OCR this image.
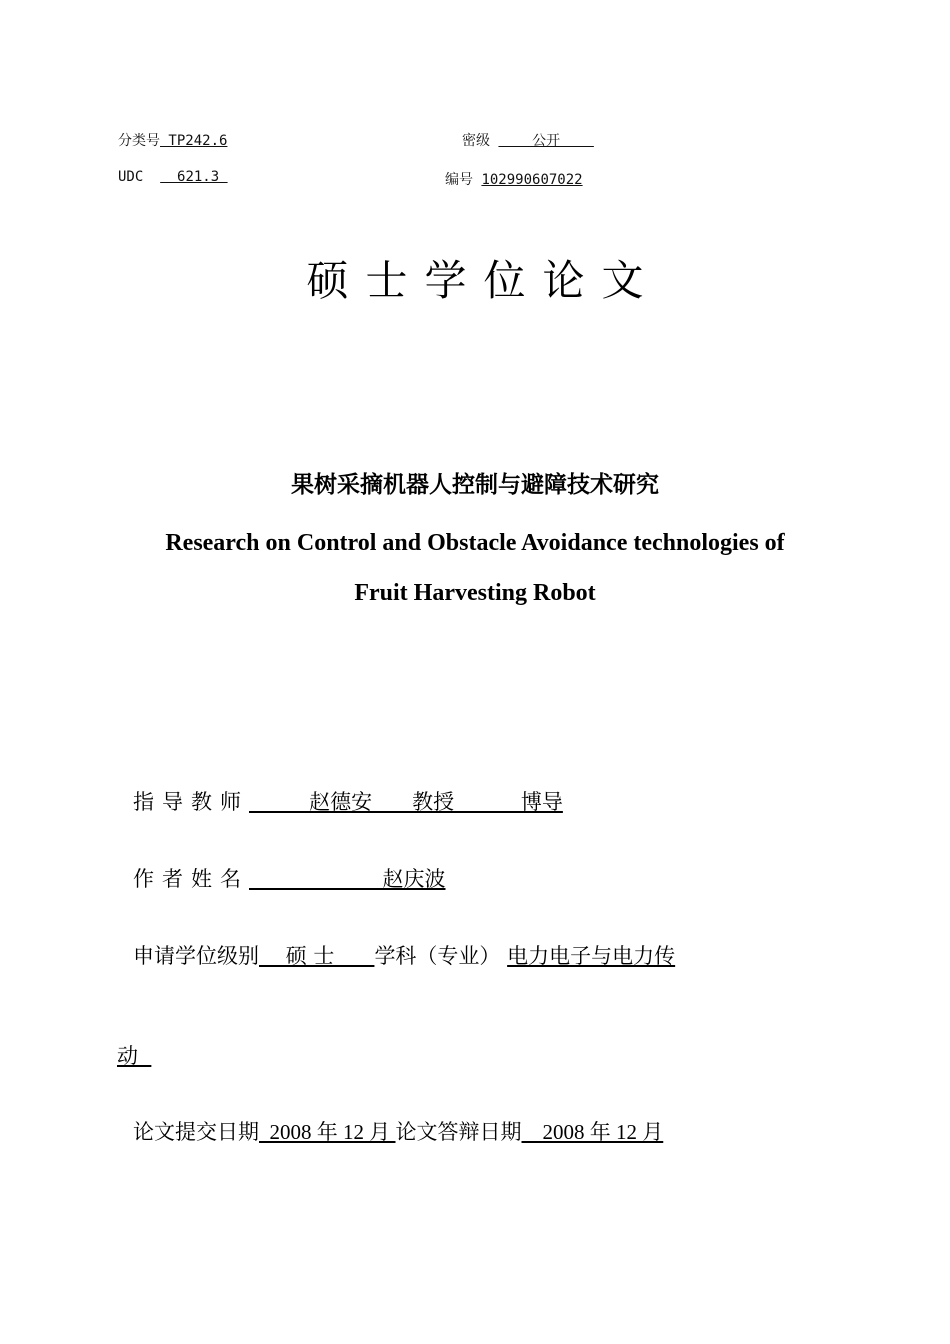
分类号 TP242.6	密级     公开
UDC    621.3	编号 102990607022
硕士学位论文
果树采摘机器人控制与避障技术研究
Research on Control and Obstacle Avoidance technologies of
Fruit Harvesting Robot
指导教师         赵德安      教授          博导
作者姓名                    赵庆波
申请学位级别    硕 士      学科（专业） 电力电子与电力传
动
论文提交日期  2008 年 12 月 论文答辩日期    2008 年 12 月
